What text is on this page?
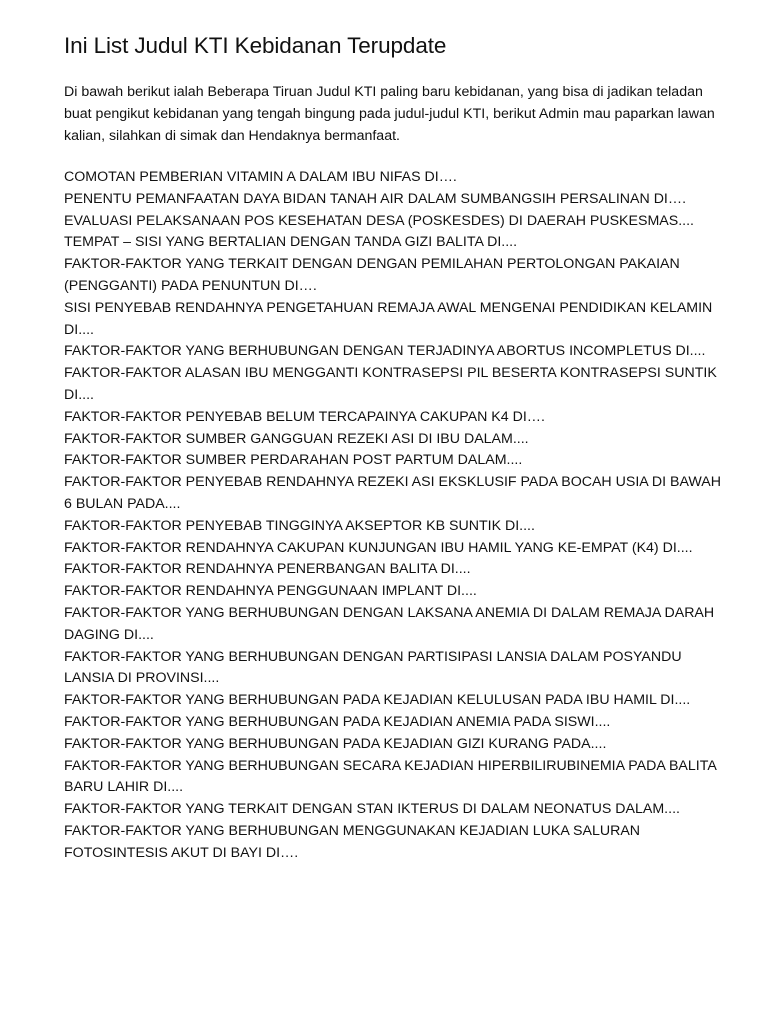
Ini List Judul KTI Kebidanan Terupdate

Di bawah berikut ialah Beberapa Tiruan Judul KTI paling baru kebidanan, yang bisa di jadikan teladan buat pengikut kebidanan yang tengah bingung pada judul-judul KTI, berikut Admin mau paparkan lawan kalian, silahkan di simak dan Hendaknya bermanfaat.

COMOTAN PEMBERIAN VITAMIN A DALAM IBU NIFAS DI….
PENENTU PEMANFAATAN DAYA BIDAN TANAH AIR DALAM SUMBANGSIH PERSALINAN DI….
EVALUASI PELAKSANAAN POS KESEHATAN DESA (POSKESDES) DI DAERAH PUSKESMAS....
TEMPAT – SISI YANG BERTALIAN DENGAN TANDA GIZI BALITA DI....
FAKTOR-FAKTOR YANG TERKAIT DENGAN DENGAN PEMILAHAN PERTOLONGAN PAKAIAN (PENGGANTI) PADA PENUNTUN DI….
SISI PENYEBAB RENDAHNYA PENGETAHUAN REMAJA AWAL MENGENAI PENDIDIKAN KELAMIN DI....
FAKTOR-FAKTOR YANG BERHUBUNGAN DENGAN TERJADINYA ABORTUS INCOMPLETUS DI....
FAKTOR-FAKTOR ALASAN IBU MENGGANTI KONTRASEPSI PIL BESERTA KONTRASEPSI SUNTIK DI....
FAKTOR-FAKTOR PENYEBAB BELUM TERCAPAINYA CAKUPAN K4 DI….
FAKTOR-FAKTOR SUMBER GANGGUAN REZEKI ASI DI IBU DALAM....
FAKTOR-FAKTOR SUMBER PERDARAHAN POST PARTUM DALAM....
FAKTOR-FAKTOR PENYEBAB RENDAHNYA REZEKI ASI EKSKLUSIF PADA BOCAH USIA DI BAWAH 6 BULAN PADA....
FAKTOR-FAKTOR PENYEBAB TINGGINYA AKSEPTOR KB SUNTIK DI....
FAKTOR-FAKTOR RENDAHNYA CAKUPAN KUNJUNGAN IBU HAMIL YANG KE-EMPAT (K4) DI....
FAKTOR-FAKTOR RENDAHNYA PENERBANGAN BALITA DI....
FAKTOR-FAKTOR RENDAHNYA PENGGUNAAN IMPLANT DI....
FAKTOR-FAKTOR YANG BERHUBUNGAN DENGAN LAKSANA ANEMIA DI DALAM REMAJA DARAH DAGING DI....
FAKTOR-FAKTOR YANG BERHUBUNGAN DENGAN PARTISIPASI LANSIA DALAM POSYANDU LANSIA DI PROVINSI....
FAKTOR-FAKTOR YANG BERHUBUNGAN PADA KEJADIAN KELULUSAN PADA IBU HAMIL DI....
FAKTOR-FAKTOR YANG BERHUBUNGAN PADA KEJADIAN ANEMIA PADA SISWI....
FAKTOR-FAKTOR YANG BERHUBUNGAN PADA KEJADIAN GIZI KURANG PADA....
FAKTOR-FAKTOR YANG BERHUBUNGAN SECARA KEJADIAN HIPERBILIRUBINEMIA PADA BALITA BARU LAHIR DI....
FAKTOR-FAKTOR YANG TERKAIT DENGAN STAN IKTERUS DI DALAM NEONATUS DALAM....
FAKTOR-FAKTOR YANG BERHUBUNGAN MENGGUNAKAN KEJADIAN LUKA SALURAN FOTOSINTESIS AKUT DI BAYI DI….
